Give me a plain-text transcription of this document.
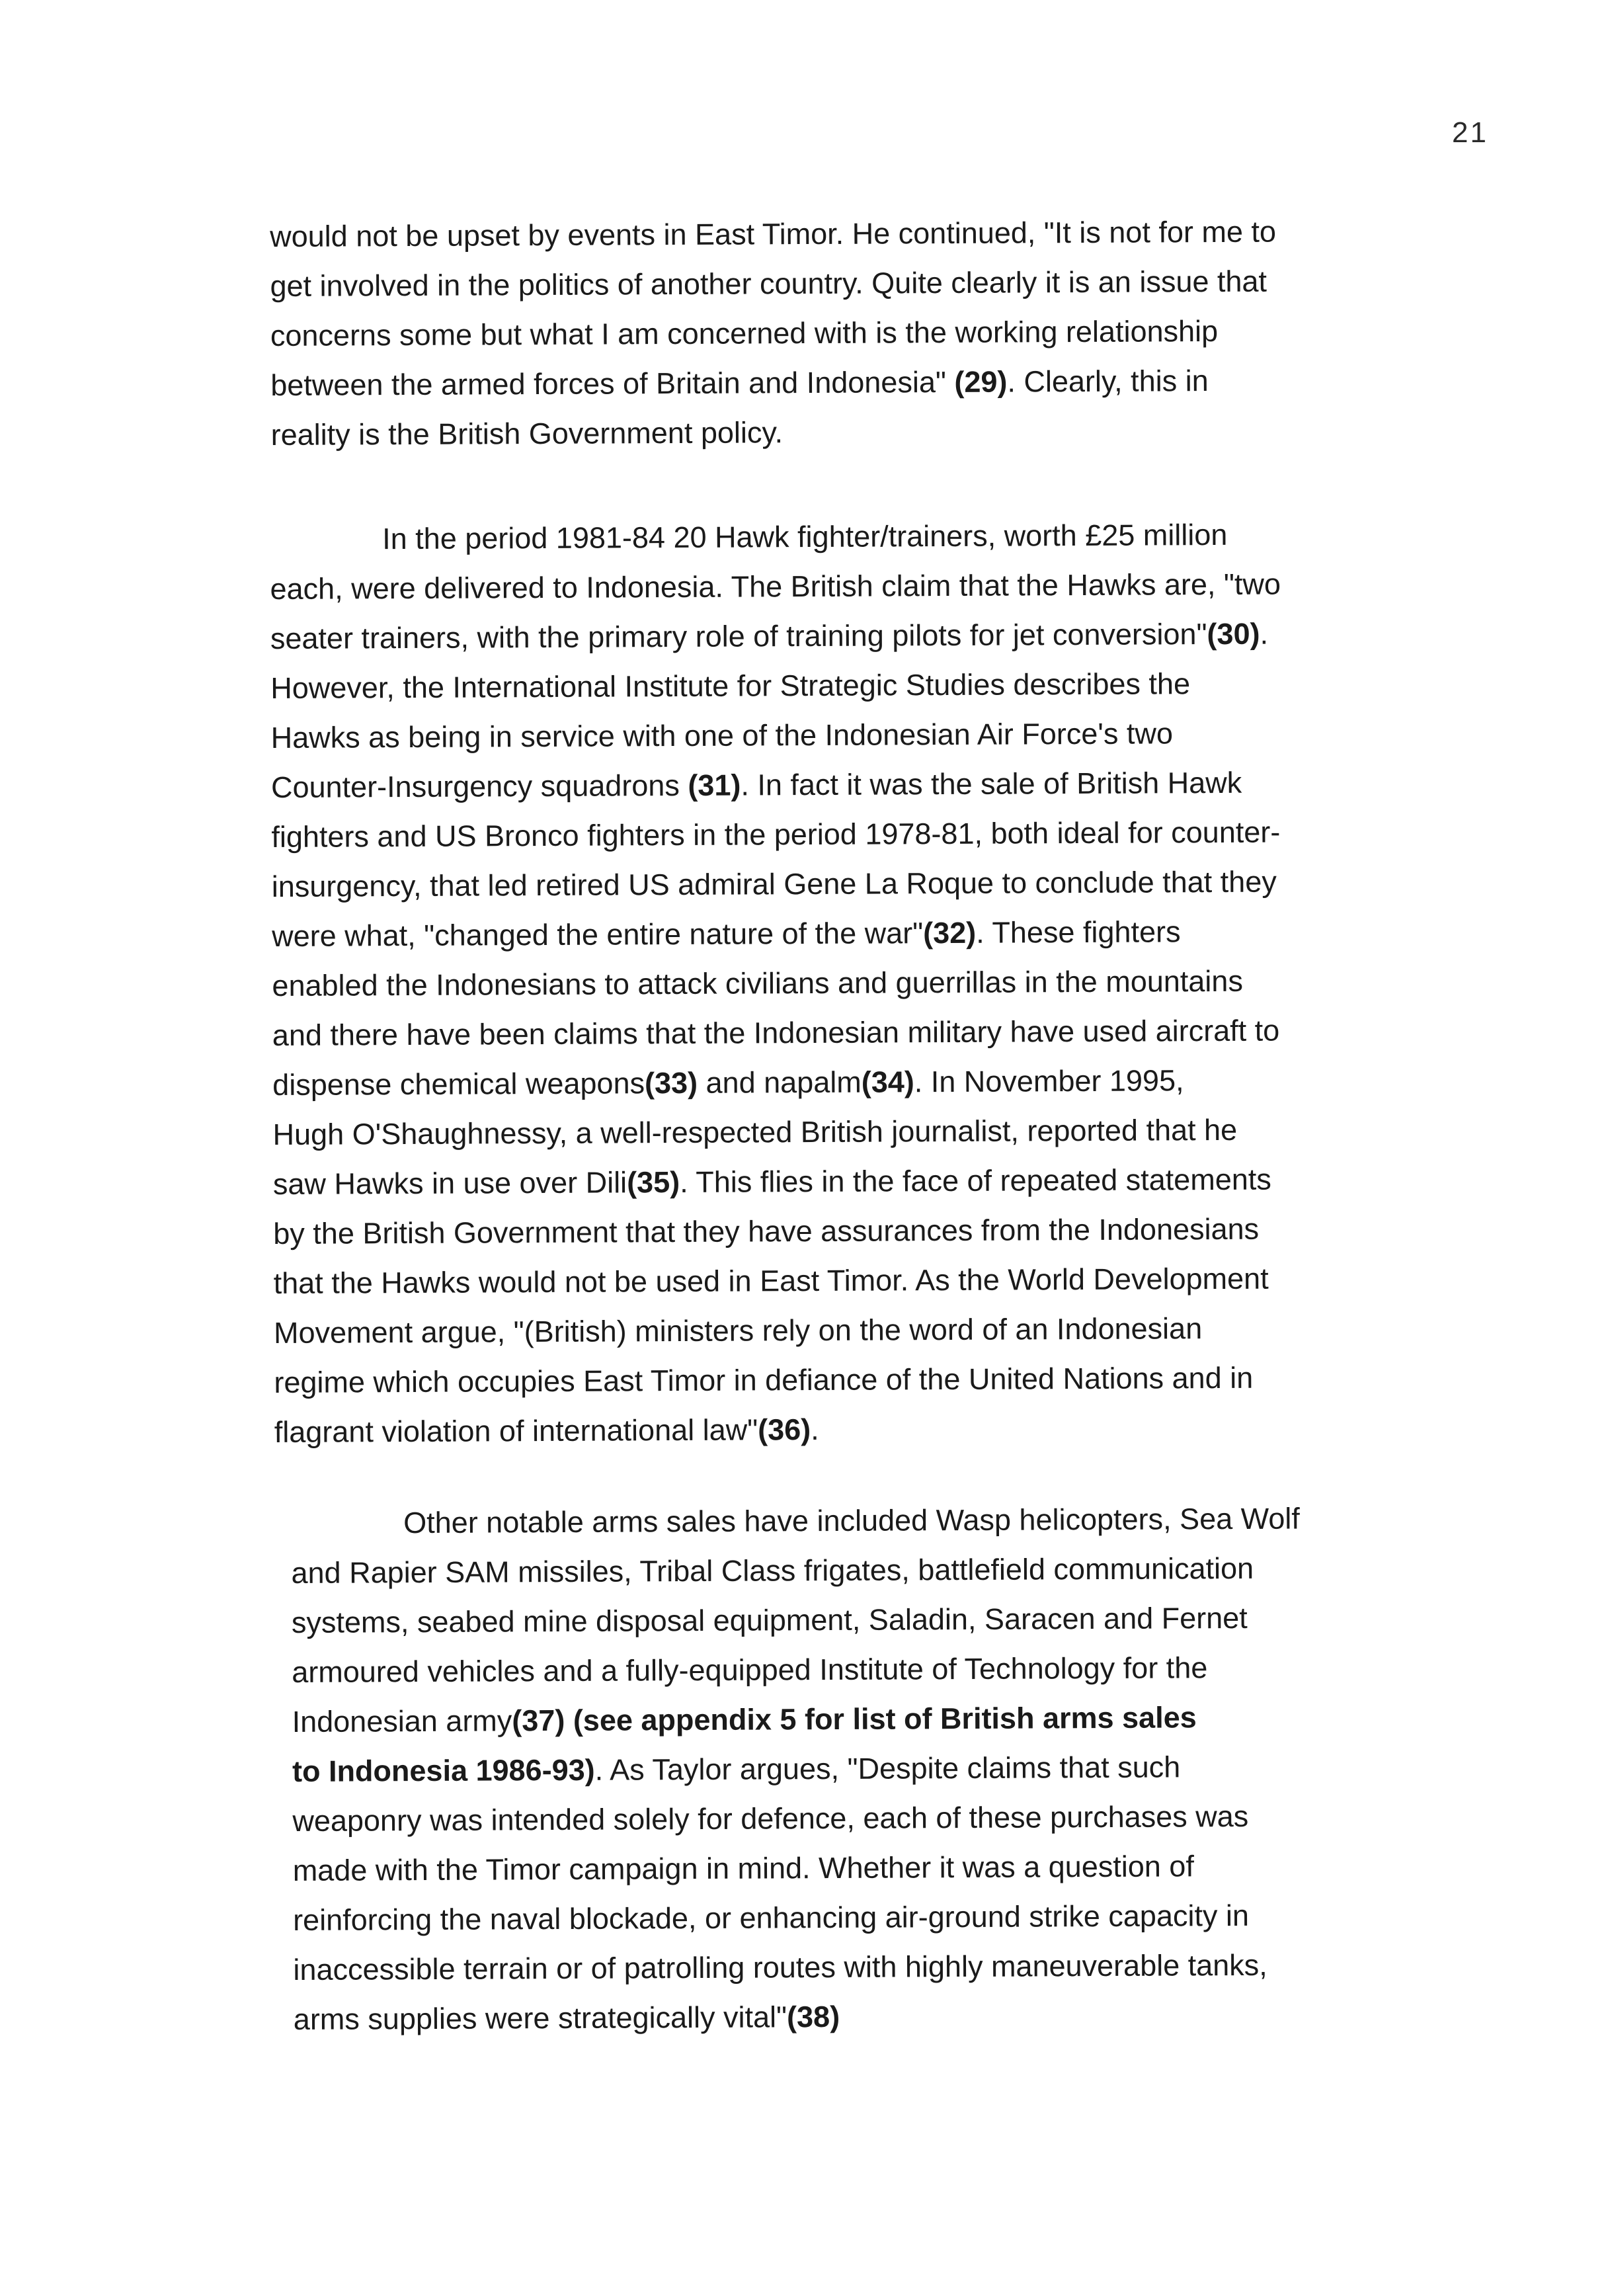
21
would not be upset by events in East Timor. He continued, "It is not for me to
get involved in the politics of another country. Quite clearly it is an issue that
concerns some but what I am concerned with is the working relationship
between the armed forces of Britain and Indonesia" (29). Clearly, this in
reality is the British Government policy.
In the period 1981-84 20 Hawk fighter/trainers, worth £25 million
each, were delivered to Indonesia. The British claim that the Hawks are, "two
seater trainers, with the primary role of training pilots for jet conversion"(30).
However, the International Institute for Strategic Studies describes the
Hawks as being in service with one of the Indonesian Air Force's two
Counter-Insurgency squadrons (31). In fact it was the sale of British Hawk
fighters and US Bronco fighters in the period 1978-81, both ideal for counter-
insurgency, that led retired US admiral Gene La Roque to conclude that they
were what, "changed the entire nature of the war"(32). These fighters
enabled the Indonesians to attack civilians and guerrillas in the mountains
and there have been claims that the Indonesian military have used aircraft to
dispense chemical weapons(33) and napalm(34). In November 1995,
Hugh O'Shaughnessy, a well-respected British journalist, reported that he
saw Hawks in use over Dili(35). This flies in the face of repeated statements
by the British Government that they have assurances from the Indonesians
that the Hawks would not be used in East Timor. As the World Development
Movement argue, "(British) ministers rely on the word of an Indonesian
regime which occupies East Timor in defiance of the United Nations and in
flagrant violation of international law"(36).
Other notable arms sales have included Wasp helicopters, Sea Wolf
and Rapier SAM missiles, Tribal Class frigates, battlefield communication
systems, seabed mine disposal equipment, Saladin, Saracen and Fernet
armoured vehicles and a fully-equipped Institute of Technology for the
Indonesian army(37) (see appendix 5 for list of British arms sales
to Indonesia 1986-93). As Taylor argues, "Despite claims that such
weaponry was intended solely for defence, each of these purchases was
made with the Timor campaign in mind. Whether it was a question of
reinforcing the naval blockade, or enhancing air-ground strike capacity in
inaccessible terrain or of patrolling routes with highly maneuverable tanks,
arms supplies were strategically vital"(38)
